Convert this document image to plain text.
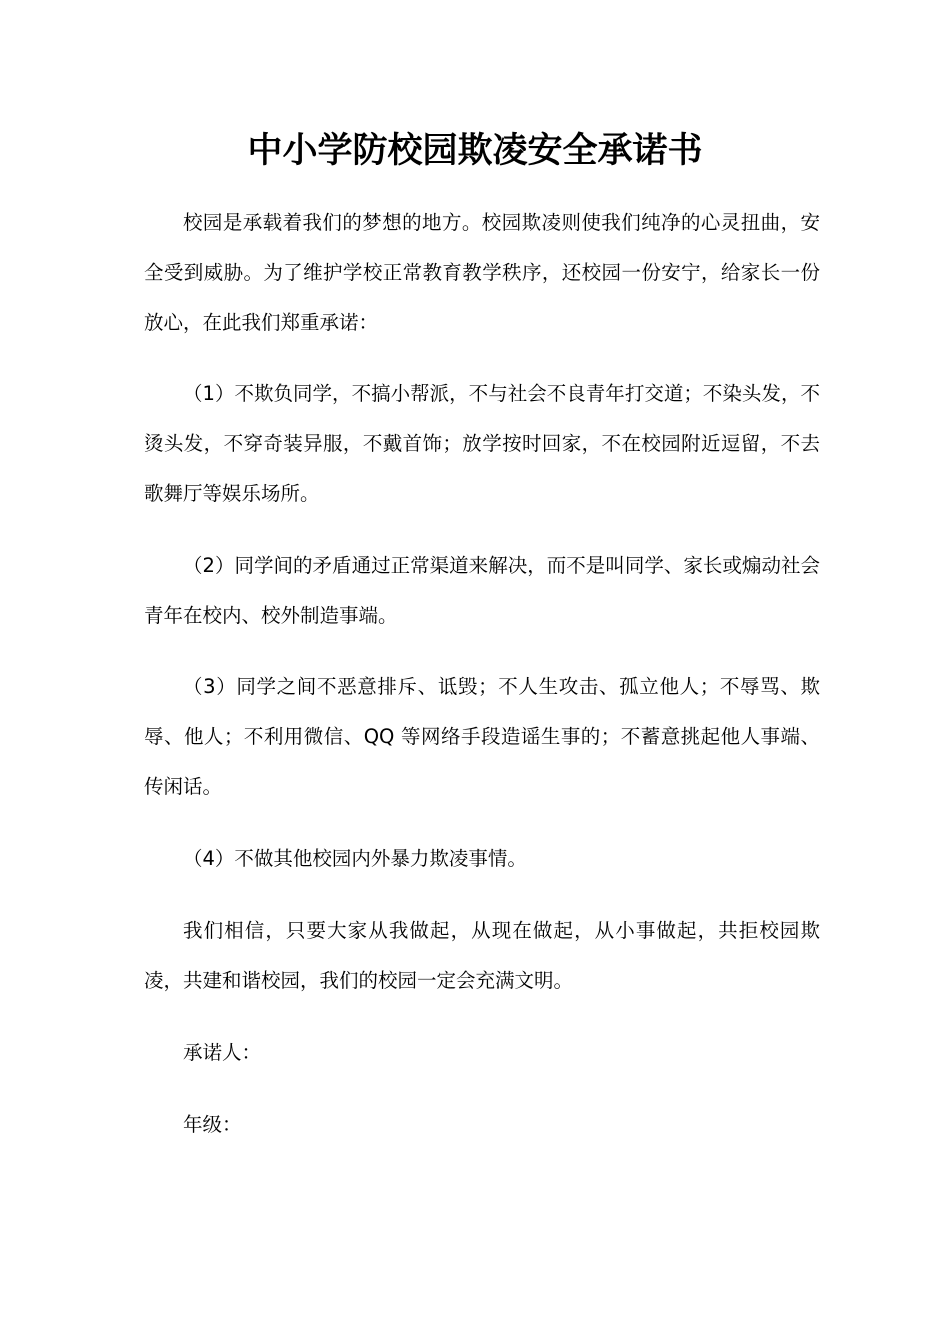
中小学防校园欺凌安全承诺书

校园是承载着我们的梦想的地方。校园欺凌则使我们纯净的心灵扭曲，安全受到威胁。为了维护学校正常教育教学秩序，还校园一份安宁，给家长一份放心，在此我们郑重承诺：

（1）不欺负同学，不搞小帮派，不与社会不良青年打交道；不染头发，不烫头发，不穿奇装异服，不戴首饰；放学按时回家，不在校园附近逗留，不去歌舞厅等娱乐场所。

（2）同学间的矛盾通过正常渠道来解决，而不是叫同学、家长或煽动社会青年在校内、校外制造事端。

（3）同学之间不恶意排斥、诋毁；不人生攻击、孤立他人；不辱骂、欺辱、他人；不利用微信、QQ 等网络手段造谣生事的；不蓄意挑起他人事端、传闲话。

（4）不做其他校园内外暴力欺凌事情。

我们相信，只要大家从我做起，从现在做起，从小事做起，共拒校园欺凌，共建和谐校园，我们的校园一定会充满文明。

承诺人：

年级：
